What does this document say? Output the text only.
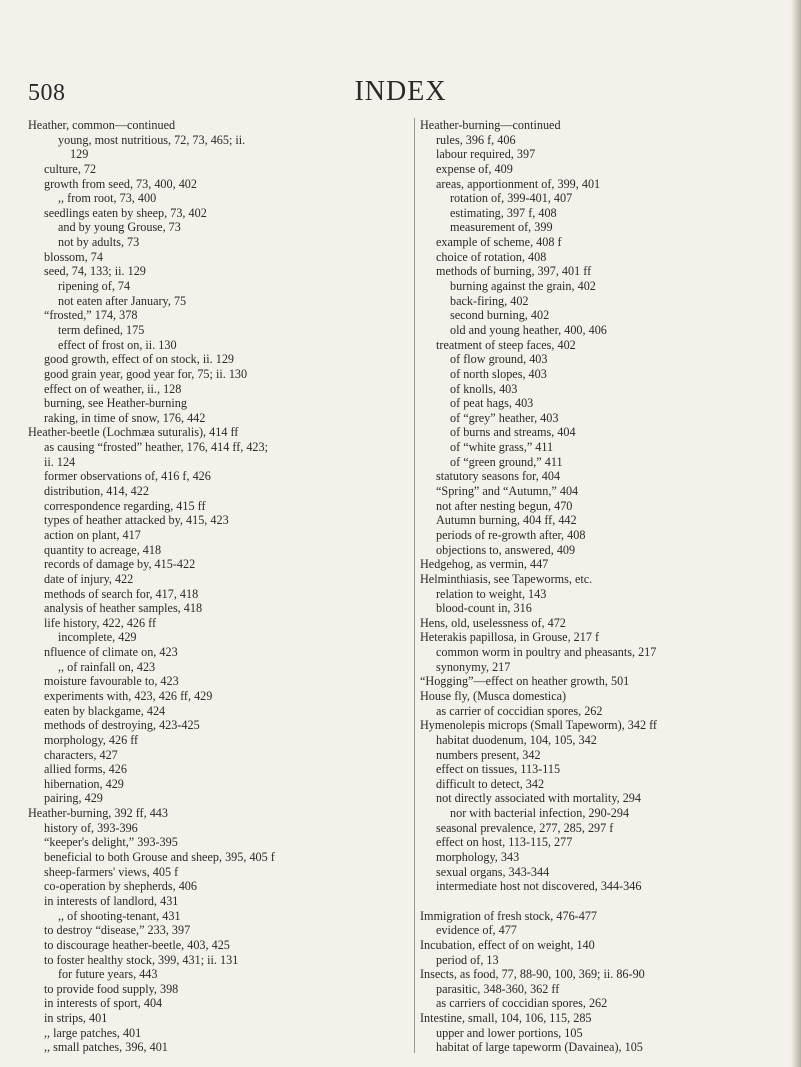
508	INDEX
Heather, common—continued
young, most nutritious, 72, 73, 465; ii.
129
culture, 72
growth from seed, 73, 400, 402
,, from root, 73, 400
seedlings eaten by sheep, 73, 402
and by young Grouse, 73
not by adults, 73
blossom, 74
seed, 74, 133; ii. 129
ripening of, 74
not eaten after January, 75
“frosted,” 174, 378
term defined, 175
effect of frost on, ii. 130
good growth, effect of on stock, ii. 129
good grain year, good year for, 75; ii. 130
effect on of weather, ii., 128
burning, see Heather-burning
raking, in time of snow, 176, 442
Heather-beetle (Lochmæa suturalis), 414 ff
as causing “frosted” heather, 176, 414 ff, 423;
ii. 124
former observations of, 416 f, 426
distribution, 414, 422
correspondence regarding, 415 ff
types of heather attacked by, 415, 423
action on plant, 417
quantity to acreage, 418
records of damage by, 415-422
date of injury, 422
methods of search for, 417, 418
analysis of heather samples, 418
life history, 422, 426 ff
incomplete, 429
nfluence of climate on, 423
,, of rainfall on, 423
moisture favourable to, 423
experiments with, 423, 426 ff, 429
eaten by blackgame, 424
methods of destroying, 423-425
morphology, 426 ff
characters, 427
allied forms, 426
hibernation, 429
pairing, 429
Heather-burning, 392 ff, 443
history of, 393-396
“keeper's delight,” 393-395
beneficial to both Grouse and sheep, 395, 405 f
sheep-farmers' views, 405 f
co-operation by shepherds, 406
in interests of landlord, 431
,, of shooting-tenant, 431
to destroy “disease,” 233, 397
to discourage heather-beetle, 403, 425
to foster healthy stock, 399, 431; ii. 131
for future years, 443
to provide food supply, 398
in interests of sport, 404
in strips, 401
,, large patches, 401
,, small patches, 396, 401
Heather-burning—continued
rules, 396 f, 406
labour required, 397
expense of, 409
areas, apportionment of, 399, 401
rotation of, 399-401, 407
estimating, 397 f, 408
measurement of, 399
example of scheme, 408 f
choice of rotation, 408
methods of burning, 397, 401 ff
burning against the grain, 402
back-firing, 402
second burning, 402
old and young heather, 400, 406
treatment of steep faces, 402
of flow ground, 403
of north slopes, 403
of knolls, 403
of peat hags, 403
of “grey” heather, 403
of burns and streams, 404
of “white grass,” 411
of “green ground,” 411
statutory seasons for, 404
“Spring” and “Autumn,” 404
not after nesting begun, 470
Autumn burning, 404 ff, 442
periods of re-growth after, 408
objections to, answered, 409
Hedgehog, as vermin, 447
Helminthiasis, see Tapeworms, etc.
relation to weight, 143
blood-count in, 316
Hens, old, uselessness of, 472
Heterakis papillosa, in Grouse, 217 f
common worm in poultry and pheasants, 217
synonymy, 217
“Hogging”—effect on heather growth, 501
House fly, (Musca domestica)
as carrier of coccidian spores, 262
Hymenolepis microps (Small Tapeworm), 342 ff
habitat duodenum, 104, 105, 342
numbers present, 342
effect on tissues, 113-115
difficult to detect, 342
not directly associated with mortality, 294
nor with bacterial infection, 290-294
seasonal prevalence, 277, 285, 297 f
effect on host, 113-115, 277
morphology, 343
sexual organs, 343-344
intermediate host not discovered, 344-346
Immigration of fresh stock, 476-477
evidence of, 477
Incubation, effect of on weight, 140
period of, 13
Insects, as food, 77, 88-90, 100, 369; ii. 86-90
parasitic, 348-360, 362 ff
as carriers of coccidian spores, 262
Intestine, small, 104, 106, 115, 285
upper and lower portions, 105
habitat of large tapeworm (Davainea), 105
